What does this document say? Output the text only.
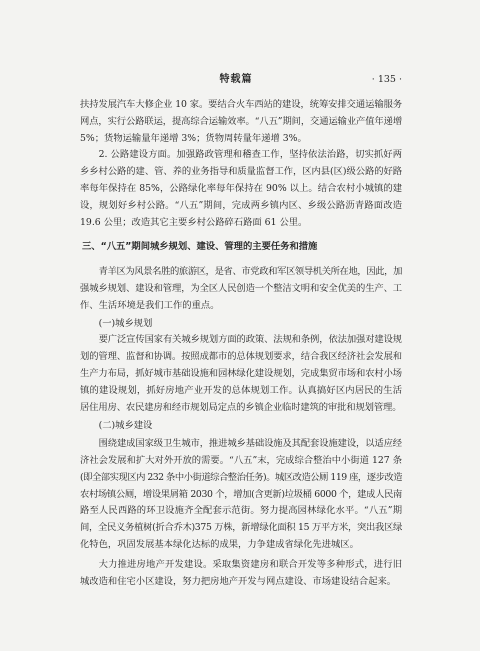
特载篇	· 135 ·
扶持发展汽车大修企业 10 家。要结合火车西站的建设，统筹安排交通运输服务
网点，实行公路联运，提高综合运输效率。“八五”期间，交通运输业产值年递增
5%；货物运输量年递增 3%；货物周转量年递增 3%。
2. 公路建设方面。加强路政管理和稽查工作，坚持依法治路，切实抓好两
乡乡村公路的建、管、养的业务指导和质量监督工作，区内县(区)级公路的好路
率每年保持在 85%，公路绿化率每年保持在 90% 以上。结合农村小城镇的建
设，规划好乡村公路。“八五”期间，完成两乡镇内区、乡级公路沥青路面改造
19.6 公里；改造其它主要乡村公路碎石路面 61 公里。
三、“八五”期间城乡规划、建设、管理的主要任务和措施
青羊区为风景名胜的旅游区，是省、市党政和军区领导机关所在地，因此，加
强城乡规划、建设和管理，为全区人民创造一个整洁文明和安全优美的生产、工
作、生活环境是我们工作的重点。
(一)城乡规划
要广泛宣传国家有关城乡规划方面的政策、法规和条例，依法加强对建设规
划的管理、监督和协调。按照成都市的总体规划要求，结合我区经济社会发展和
生产力布局，抓好城市基础设施和园林绿化建设规划，完成集贸市场和农村小场
镇的建设规划，抓好房地产业开发的总体规划工作。认真搞好区内居民的生活
居住用房、农民建房和经市规划局定点的乡镇企业临时建筑的审批和规划管理。
(二)城乡建设
围绕建成国家级卫生城市，推进城乡基础设施及其配套设施建设，以适应经
济社会发展和扩大对外开放的需要。“八五”末，完成综合整治中小街道 127 条
(即全部实现区内 232 条中小街道综合整治任务)。城区改造公厕 119 座，逐步改造
农村场镇公厕，增设果屑箱 2030 个，增加(含更新)垃圾桶 6000 个，建成人民南
路至人民西路的环卫设施齐全配套示范街。努力提高园林绿化水平。“八五”期
间，全民义务植树(折合乔木)375 万株，新增绿化面积 15 万平方米，突出我区绿
化特色，巩固发展基本绿化达标的成果，力争建成省绿化先进城区。
大力推进房地产开发建设。采取集资建房和联合开发等多种形式，进行旧
城改造和住宅小区建设，努力把房地产开发与网点建设、市场建设结合起来。
